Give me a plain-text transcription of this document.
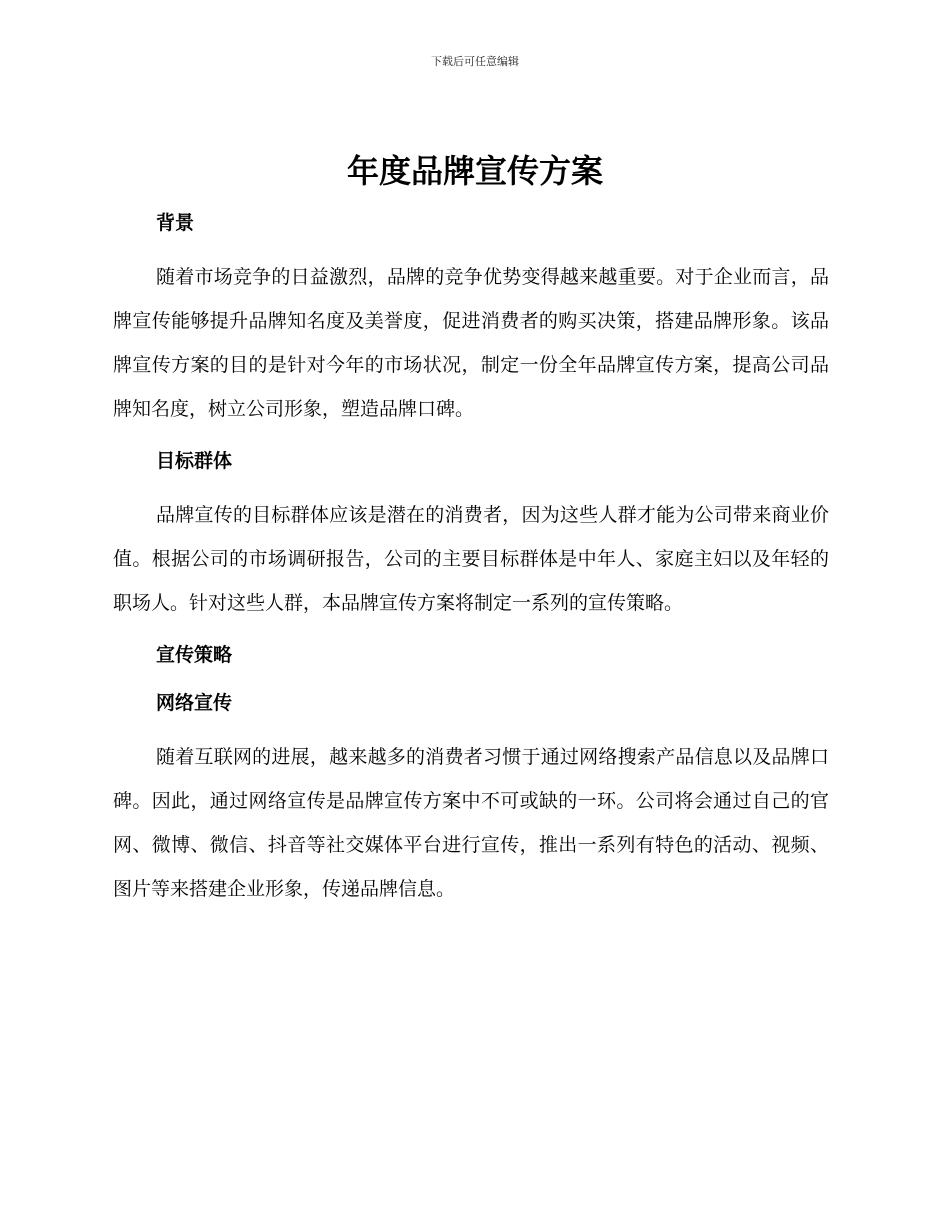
下载后可任意编辑
年度品牌宣传方案
背景

随着市场竞争的日益激烈，品牌的竞争优势变得越来越重要。对于企业而言，品牌宣传能够提升品牌知名度及美誉度，促进消费者的购买决策，搭建品牌形象。该品牌宣传方案的目的是针对今年的市场状况，制定一份全年品牌宣传方案，提高公司品牌知名度，树立公司形象，塑造品牌口碑。

目标群体

品牌宣传的目标群体应该是潜在的消费者，因为这些人群才能为公司带来商业价值。根据公司的市场调研报告，公司的主要目标群体是中年人、家庭主妇以及年轻的职场人。针对这些人群，本品牌宣传方案将制定一系列的宣传策略。

宣传策略
网络宣传

随着互联网的进展，越来越多的消费者习惯于通过网络搜索产品信息以及品牌口碑。因此，通过网络宣传是品牌宣传方案中不可或缺的一环。公司将会通过自己的官网、微博、微信、抖音等社交媒体平台进行宣传，推出一系列有特色的活动、视频、图片等来搭建企业形象，传递品牌信息。
